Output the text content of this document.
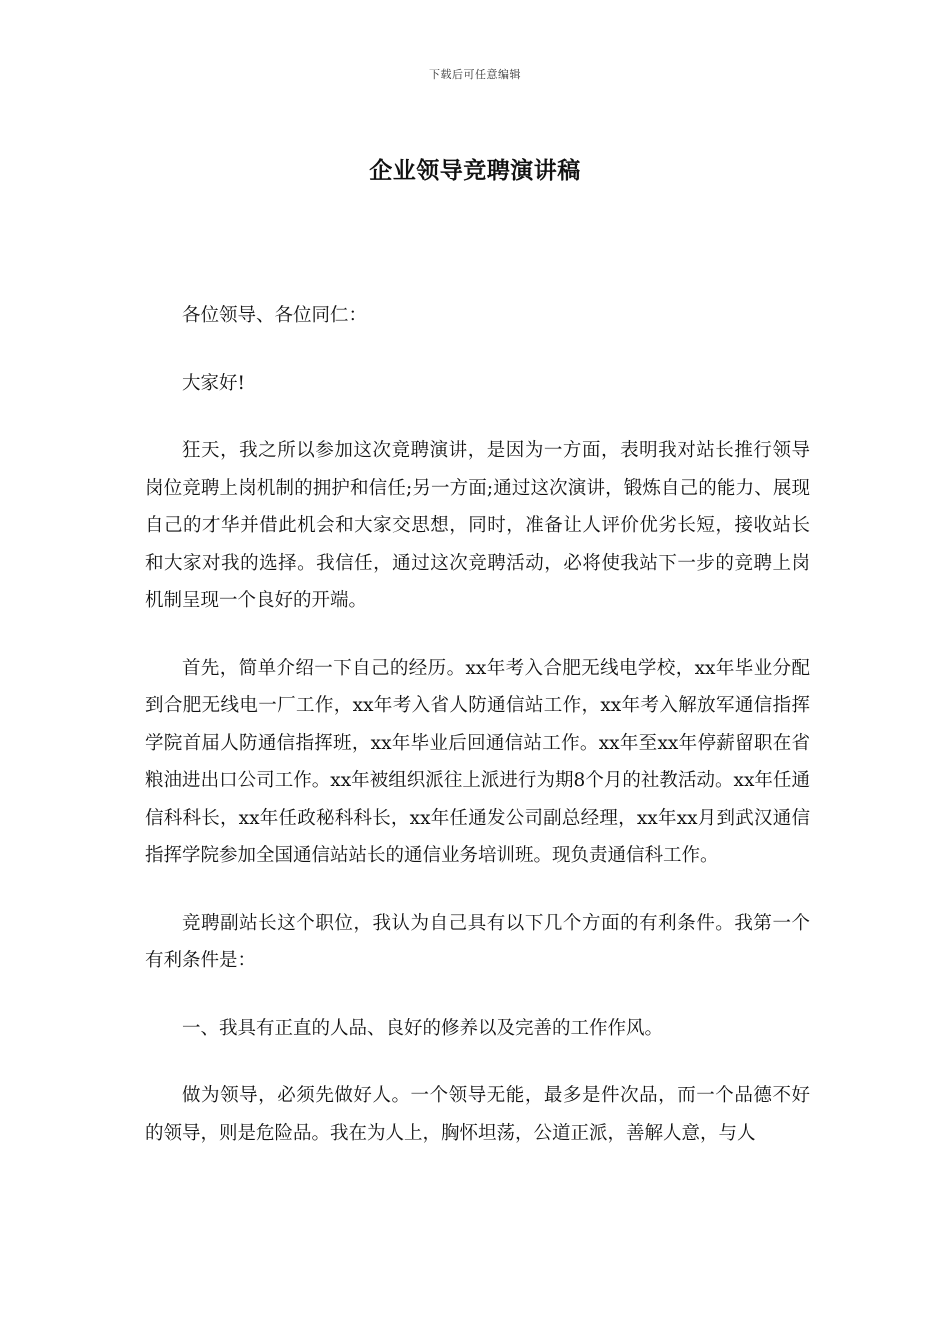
下载后可任意编辑
企业领导竞聘演讲稿

各位领导、各位同仁：

大家好!

狂天，我之所以参加这次竟聘演讲，是因为一方面，表明我对站长推行领导岗位竞聘上岗机制的拥护和信任;另一方面;通过这次演讲，锻炼自己的能力、展现自己的才华并借此机会和大家交思想，同时，准备让人评价优劣长短，接收站长和大家对我的选择。我信任，通过这次竞聘活动，必将使我站下一步的竞聘上岗机制呈现一个良好的开端。

首先，简单介绍一下自己的经历。xx年考入合肥无线电学校，xx年毕业分配到合肥无线电一厂工作，xx年考入省人防通信站工作，xx年考入解放军通信指挥学院首届人防通信指挥班，xx年毕业后回通信站工作。xx年至xx年停薪留职在省粮油进出口公司工作。xx年被组织派往上派进行为期8个月的社教活动。xx年任通信科科长，xx年任政秘科科长，xx年任通发公司副总经理，xx年xx月到武汉通信指挥学院参加全国通信站站长的通信业务培训班。现负责通信科工作。

竞聘副站长这个职位，我认为自己具有以下几个方面的有利条件。我第一个有利条件是：

一、我具有正直的人品、良好的修养以及完善的工作作风。

做为领导，必须先做好人。一个领导无能，最多是件次品，而一个品德不好的领导，则是危险品。我在为人上，胸怀坦荡，公道正派，善解人意，与人
